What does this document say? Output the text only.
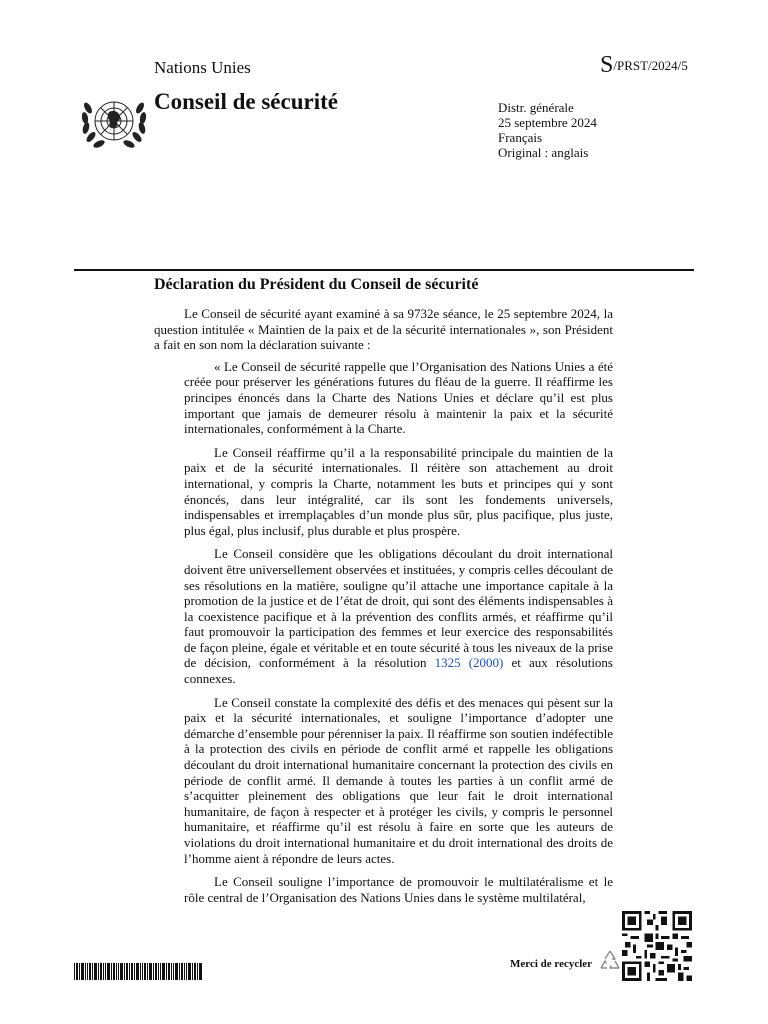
Nations Unies	S/PRST/2024/5
Conseil de sécurité	Distr. générale
25 septembre 2024
Français
Original : anglais
Déclaration du Président du Conseil de sécurité

Le Conseil de sécurité ayant examiné à sa 9732e séance, le 25 septembre 2024, la question intitulée « Maintien de la paix et de la sécurité internationales », son Président a fait en son nom la déclaration suivante :

« Le Conseil de sécurité rappelle que l’Organisation des Nations Unies a été créée pour préserver les générations futures du fléau de la guerre. Il réaffirme les principes énoncés dans la Charte des Nations Unies et déclare qu’il est plus important que jamais de demeurer résolu à maintenir la paix et la sécurité internationales, conformément à la Charte.

Le Conseil réaffirme qu’il a la responsabilité principale du maintien de la paix et de la sécurité internationales. Il réitère son attachement au droit international, y compris la Charte, notamment les buts et principes qui y sont énoncés, dans leur intégralité, car ils sont les fondements universels, indispensables et irremplaçables d’un monde plus sûr, plus pacifique, plus juste, plus égal, plus inclusif, plus durable et plus prospère.

Le Conseil considère que les obligations découlant du droit international doivent être universellement observées et instituées, y compris celles découlant de ses résolutions en la matière, souligne qu’il attache une importance capitale à la promotion de la justice et de l’état de droit, qui sont des éléments indispensables à la coexistence pacifique et à la prévention des conflits armés, et réaffirme qu’il faut promouvoir la participation des femmes et leur exercice des responsabilités de façon pleine, égale et véritable et en toute sécurité à tous les niveaux de la prise de décision, conformément à la résolution 1325 (2000) et aux résolutions connexes.

Le Conseil constate la complexité des défis et des menaces qui pèsent sur la paix et la sécurité internationales, et souligne l’importance d’adopter une démarche d’ensemble pour pérenniser la paix. Il réaffirme son soutien indéfectible à la protection des civils en période de conflit armé et rappelle les obligations découlant du droit international humanitaire concernant la protection des civils en période de conflit armé. Il demande à toutes les parties à un conflit armé de s’acquitter pleinement des obligations que leur fait le droit international humanitaire, de façon à respecter et à protéger les civils, y compris le personnel humanitaire, et réaffirme qu’il est résolu à faire en sorte que les auteurs de violations du droit international humanitaire et du droit international des droits de l’homme aient à répondre de leurs actes.

Le Conseil souligne l’importance de promouvoir le multilatéralisme et le rôle central de l’Organisation des Nations Unies dans le système multilatéral,

Merci de recycler
